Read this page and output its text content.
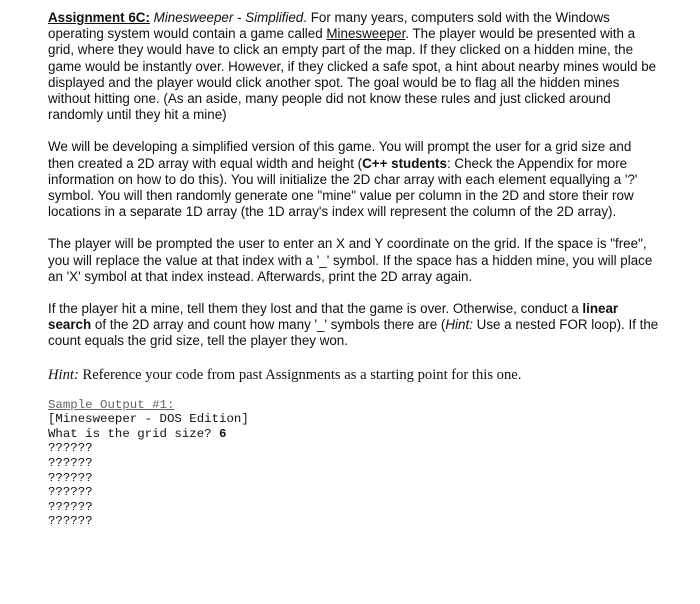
Assignment 6C: Minesweeper - Simplified. For many years, computers sold with the Windows operating system would contain a game called Minesweeper. The player would be presented with a grid, where they would have to click an empty part of the map. If they clicked on a hidden mine, the game would be instantly over. However, if they clicked a safe spot, a hint about nearby mines would be displayed and the player would click another spot. The goal would be to flag all the hidden mines without hitting one. (As an aside, many people did not know these rules and just clicked around randomly until they hit a mine)

We will be developing a simplified version of this game. You will prompt the user for a grid size and then created a 2D array with equal width and height (C++ students: Check the Appendix for more information on how to do this). You will initialize the 2D char array with each element equallying a '?' symbol. You will then randomly generate one "mine" value per column in the 2D and store their row locations in a separate 1D array (the 1D array's index will represent the column of the 2D array).

The player will be prompted the user to enter an X and Y coordinate on the grid. If the space is "free", you will replace the value at that index with a '_' symbol. If the space has a hidden mine, you will place an 'X' symbol at that index instead. Afterwards, print the 2D array again.

If the player hit a mine, tell them they lost and that the game is over. Otherwise, conduct a linear search of the 2D array and count how many '_' symbols there are (Hint: Use a nested FOR loop). If the count equals the grid size, tell the player they won.

Hint: Reference your code from past Assignments as a starting point for this one.

Sample Output #1:
[Minesweeper - DOS Edition]
What is the grid size? 6
??????
??????
??????
??????
??????
??????
